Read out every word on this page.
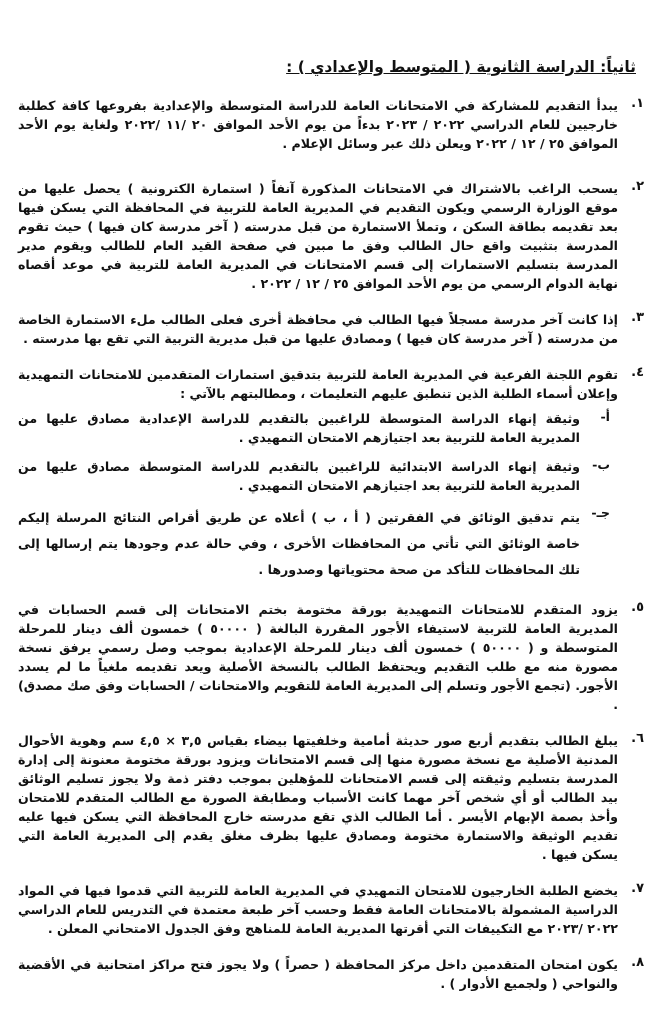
ثانياً: الدراسة الثانوية ( المتوسط والإعدادي ) :
١.
يبدأ التقديم للمشاركة في الامتحانات العامة للدراسة المتوسطة والإعدادية بفروعها كافة كطلبة خارجيين للعام الدراسي ٢٠٢٢ / ٢٠٢٣ بدءاً من يوم الأحد الموافق ٢٠ /١١ /٢٠٢٢ ولغاية يوم الأحد الموافق ٢٥ / ١٢ / ٢٠٢٢ ويعلن ذلك عبر وسائل الإعلام .
٢.
يسحب الراغب بالاشتراك في الامتحانات المذكورة آنفاً ( استمارة الكترونية ) يحصل عليها من موقع الوزارة الرسمي ويكون التقديم في المديرية العامة للتربية في المحافظة التي يسكن فيها بعد تقديمه بطاقة السكن ، وتملأ الاستمارة من قبل مدرسته ( آخر مدرسة كان فيها ) حيث تقوم المدرسة بتثبيت واقع حال الطالب وفق ما مبين في صفحة القيد العام للطالب ويقوم مدير المدرسة بتسليم الاستمارات إلى قسم الامتحانات في المديرية العامة للتربية في موعد أقصاه نهاية الدوام الرسمي من يوم الأحد الموافق ٢٥ / ١٢ / ٢٠٢٢ .
٣.
إذا كانت آخر مدرسة مسجلاً فيها الطالب في محافظة أخرى فعلى الطالب ملء الاستمارة الخاصة من مدرسته ( آخر مدرسة كان فيها ) ومصادق عليها من قبل مديرية التربية التي تقع بها مدرسته .
٤.
تقوم اللجنة الفرعية في المديرية العامة للتربية بتدقيق استمارات المتقدمين للامتحانات التمهيدية وإعلان أسماء الطلبة الذين تنطبق عليهم التعليمات ، ومطالبتهم بالآتي :
أ-
وثيقة إنهاء الدراسة المتوسطة للراغبين بالتقديم للدراسة الإعدادية مصادق عليها من المديرية العامة للتربية بعد اجتيازهم الامتحان التمهيدي .
ب-
وثيقة إنهاء الدراسة الابتدائية للراغبين بالتقديم للدراسة المتوسطة مصادق عليها من المديرية العامة للتربية بعد اجتيازهم الامتحان التمهيدي .
جـ-
يتم تدقيق الوثائق في الفقرتين ( أ ، ب ) أعلاه عن طريق أقراص النتائج المرسلة إليكم خاصة الوثائق التي تأتي من المحافظات الأخرى ، وفي حالة عدم وجودها يتم إرسالها إلى تلك المحافظات للتأكد من صحة محتوياتها وصدورها .
٥.
يزود المتقدم للامتحانات التمهيدية بورقة مختومة بختم الامتحانات إلى قسم الحسابات في المديرية العامة للتربية لاستيفاء الأجور المقررة البالغة ( ٥٠٠٠٠ ) خمسون ألف دينار للمرحلة المتوسطة و ( ٥٠٠٠٠ ) خمسون ألف دينار للمرحلة الإعدادية بموجب وصل رسمي يرفق نسخة مصورة منه مع طلب التقديم ويحتفظ الطالب بالنسخة الأصلية ويعد تقديمه ملغياً ما لم يسدد الأجور. (تجمع الأجور وتسلم إلى المديرية العامة للتقويم والامتحانات / الحسابات وفق صك مصدق) .
٦.
يبلغ الطالب بتقديم أربع صور حديثة أمامية وخلفيتها بيضاء بقياس ٣,٥ × ٤,٥ سم وهوية الأحوال المدنية الأصلية مع نسخة مصورة منها إلى قسم الامتحانات ويزود بورقة مختومة معنونة إلى إدارة المدرسة بتسليم وثيقته إلى قسم الامتحانات للمؤهلين بموجب دفتر ذمة ولا يجوز تسليم الوثائق بيد الطالب أو أي شخص آخر مهما كانت الأسباب ومطابقة الصورة مع الطالب المتقدم للامتحان وأخذ بصمة الإبهام الأيسر . أما الطالب الذي تقع مدرسته خارج المحافظة التي يسكن فيها عليه تقديم الوثيقة والاستمارة مختومة ومصادق عليها بظرف مغلق يقدم إلى المديرية العامة التي يسكن فيها .
٧.
يخضع الطلبة الخارجيون للامتحان التمهيدي في المديرية العامة للتربية التي قدموا فيها في المواد الدراسية المشمولة بالامتحانات العامة فقط وحسب آخر طبعة معتمدة في التدريس للعام الدراسي ٢٠٢٢ /٢٠٢٣ مع التكييفات التي أقرتها المديرية العامة للمناهج وفق الجدول الامتحاني المعلن .
٨.
يكون امتحان المتقدمين داخل مركز المحافظة ( حصراً ) ولا يجوز فتح مراكز امتحانية في الأقضية والنواحي ( ولجميع الأدوار ) .
